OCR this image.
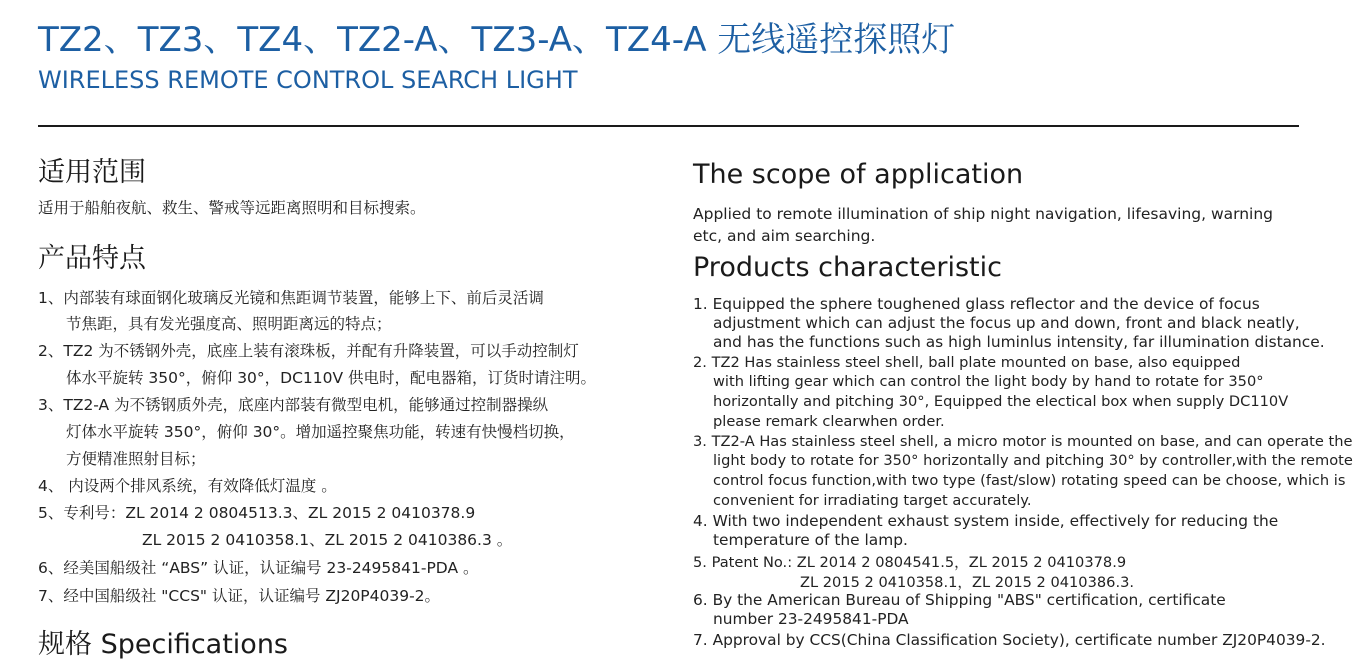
TZ2、TZ3、TZ4、TZ2-A、TZ3-A、TZ4-A 无线遥控探照灯
WIRELESS REMOTE CONTROL SEARCH LIGHT
适用范围
适用于船舶夜航、救生、警戒等远距离照明和目标搜索。
产品特点
1、内部装有球面钢化玻璃反光镜和焦距调节装置，能够上下、前后灵活调
节焦距，具有发光强度高、照明距离远的特点；
2、TZ2 为不锈钢外壳，底座上装有滚珠板，并配有升降装置，可以手动控制灯
体水平旋转 350°，俯仰 30°，DC110V 供电时，配电器箱，订货时请注明。
3、TZ2-A 为不锈钢质外壳，底座内部装有微型电机，能够通过控制器操纵
灯体水平旋转 350°，俯仰 30°。增加遥控聚焦功能，转速有快慢档切换，
方便精准照射目标；
4、 内设两个排风系统，有效降低灯温度 。
5、专利号：ZL 2014 2 0804513.3、ZL 2015 2 0410378.9
ZL 2015 2 0410358.1、ZL 2015 2 0410386.3 。
6、经美国船级社 “ABS” 认证，认证编号 23-2495841-PDA 。
7、经中国船级社 "CCS" 认证，认证编号 ZJ20P4039-2。
规格 Specifications
The scope of application
Applied to remote illumination of ship night navigation, lifesaving, warning
etc, and aim searching.
Products characteristic
1. Equipped the sphere toughened glass reflector and the device of focus
adjustment which can adjust the focus up and down, front and black neatly,
and has the functions such as high luminlus intensity, far illumination distance.
2. TZ2 Has stainless steel shell, ball plate mounted on base, also equipped
with lifting gear which can control the light body by hand to rotate for 350°
horizontally and pitching 30°, Equipped the electical box when supply DC110V
please remark clearwhen order.
3. TZ2-A Has stainless steel shell, a micro motor is mounted on base, and can operate the
light body to rotate for 350° horizontally and pitching 30° by controller,with the remote
control focus function,with two type (fast/slow) rotating speed can be choose, which is
convenient for irradiating target accurately.
4. With two independent exhaust system inside, effectively for reducing the
temperature of the lamp.
5. Patent No.: ZL 2014 2 0804541.5，ZL 2015 2 0410378.9
ZL 2015 2 0410358.1，ZL 2015 2 0410386.3.
6. By the American Bureau of Shipping "ABS" certification, certificate
number 23-2495841-PDA
7. Approval by CCS(China Classification Society), certificate number ZJ20P4039-2.
